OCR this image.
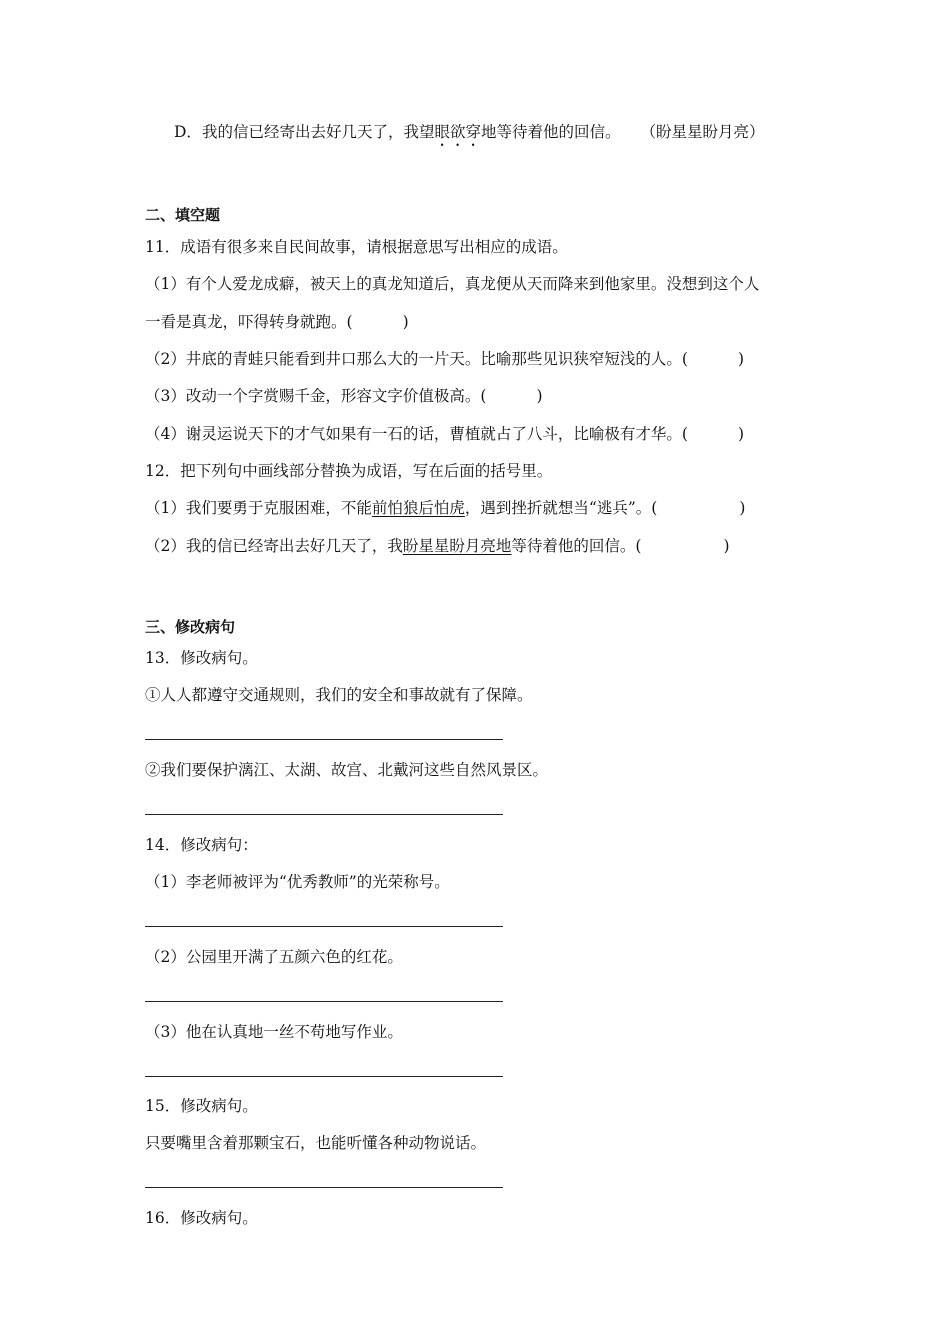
D．我的信已经寄出去好几天了，我望眼欲穿地等待着他的回信。 （盼星星盼月亮）
二、填空题
11．成语有很多来自民间故事，请根据意思写出相应的成语。
（1）有个人爱龙成癖，被天上的真龙知道后，真龙便从天而降来到他家里。没想到这个人
一看是真龙，吓得转身就跑。(	)
（2）井底的青蛙只能看到井口那么大的一片天。比喻那些见识狭窄短浅的人。(	)
（3）改动一个字赏赐千金，形容文字价值极高。(	)
（4）谢灵运说天下的才气如果有一石的话，曹植就占了八斗，比喻极有才华。(	)
12．把下列句中画线部分替换为成语，写在后面的括号里。
（1）我们要勇于克服困难，不能前怕狼后怕虎，遇到挫折就想当“逃兵”。(	)
（2）我的信已经寄出去好几天了，我盼星星盼月亮地等待着他的回信。(	)
三、修改病句
13．修改病句。
①人人都遵守交通规则，我们的安全和事故就有了保障。
②我们要保护漓江、太湖、故宫、北戴河这些自然风景区。
14．修改病句：
（1）李老师被评为“优秀教师”的光荣称号。
（2）公园里开满了五颜六色的红花。
（3）他在认真地一丝不苟地写作业。
15．修改病句。
只要嘴里含着那颗宝石，也能听懂各种动物说话。
16．修改病句。
